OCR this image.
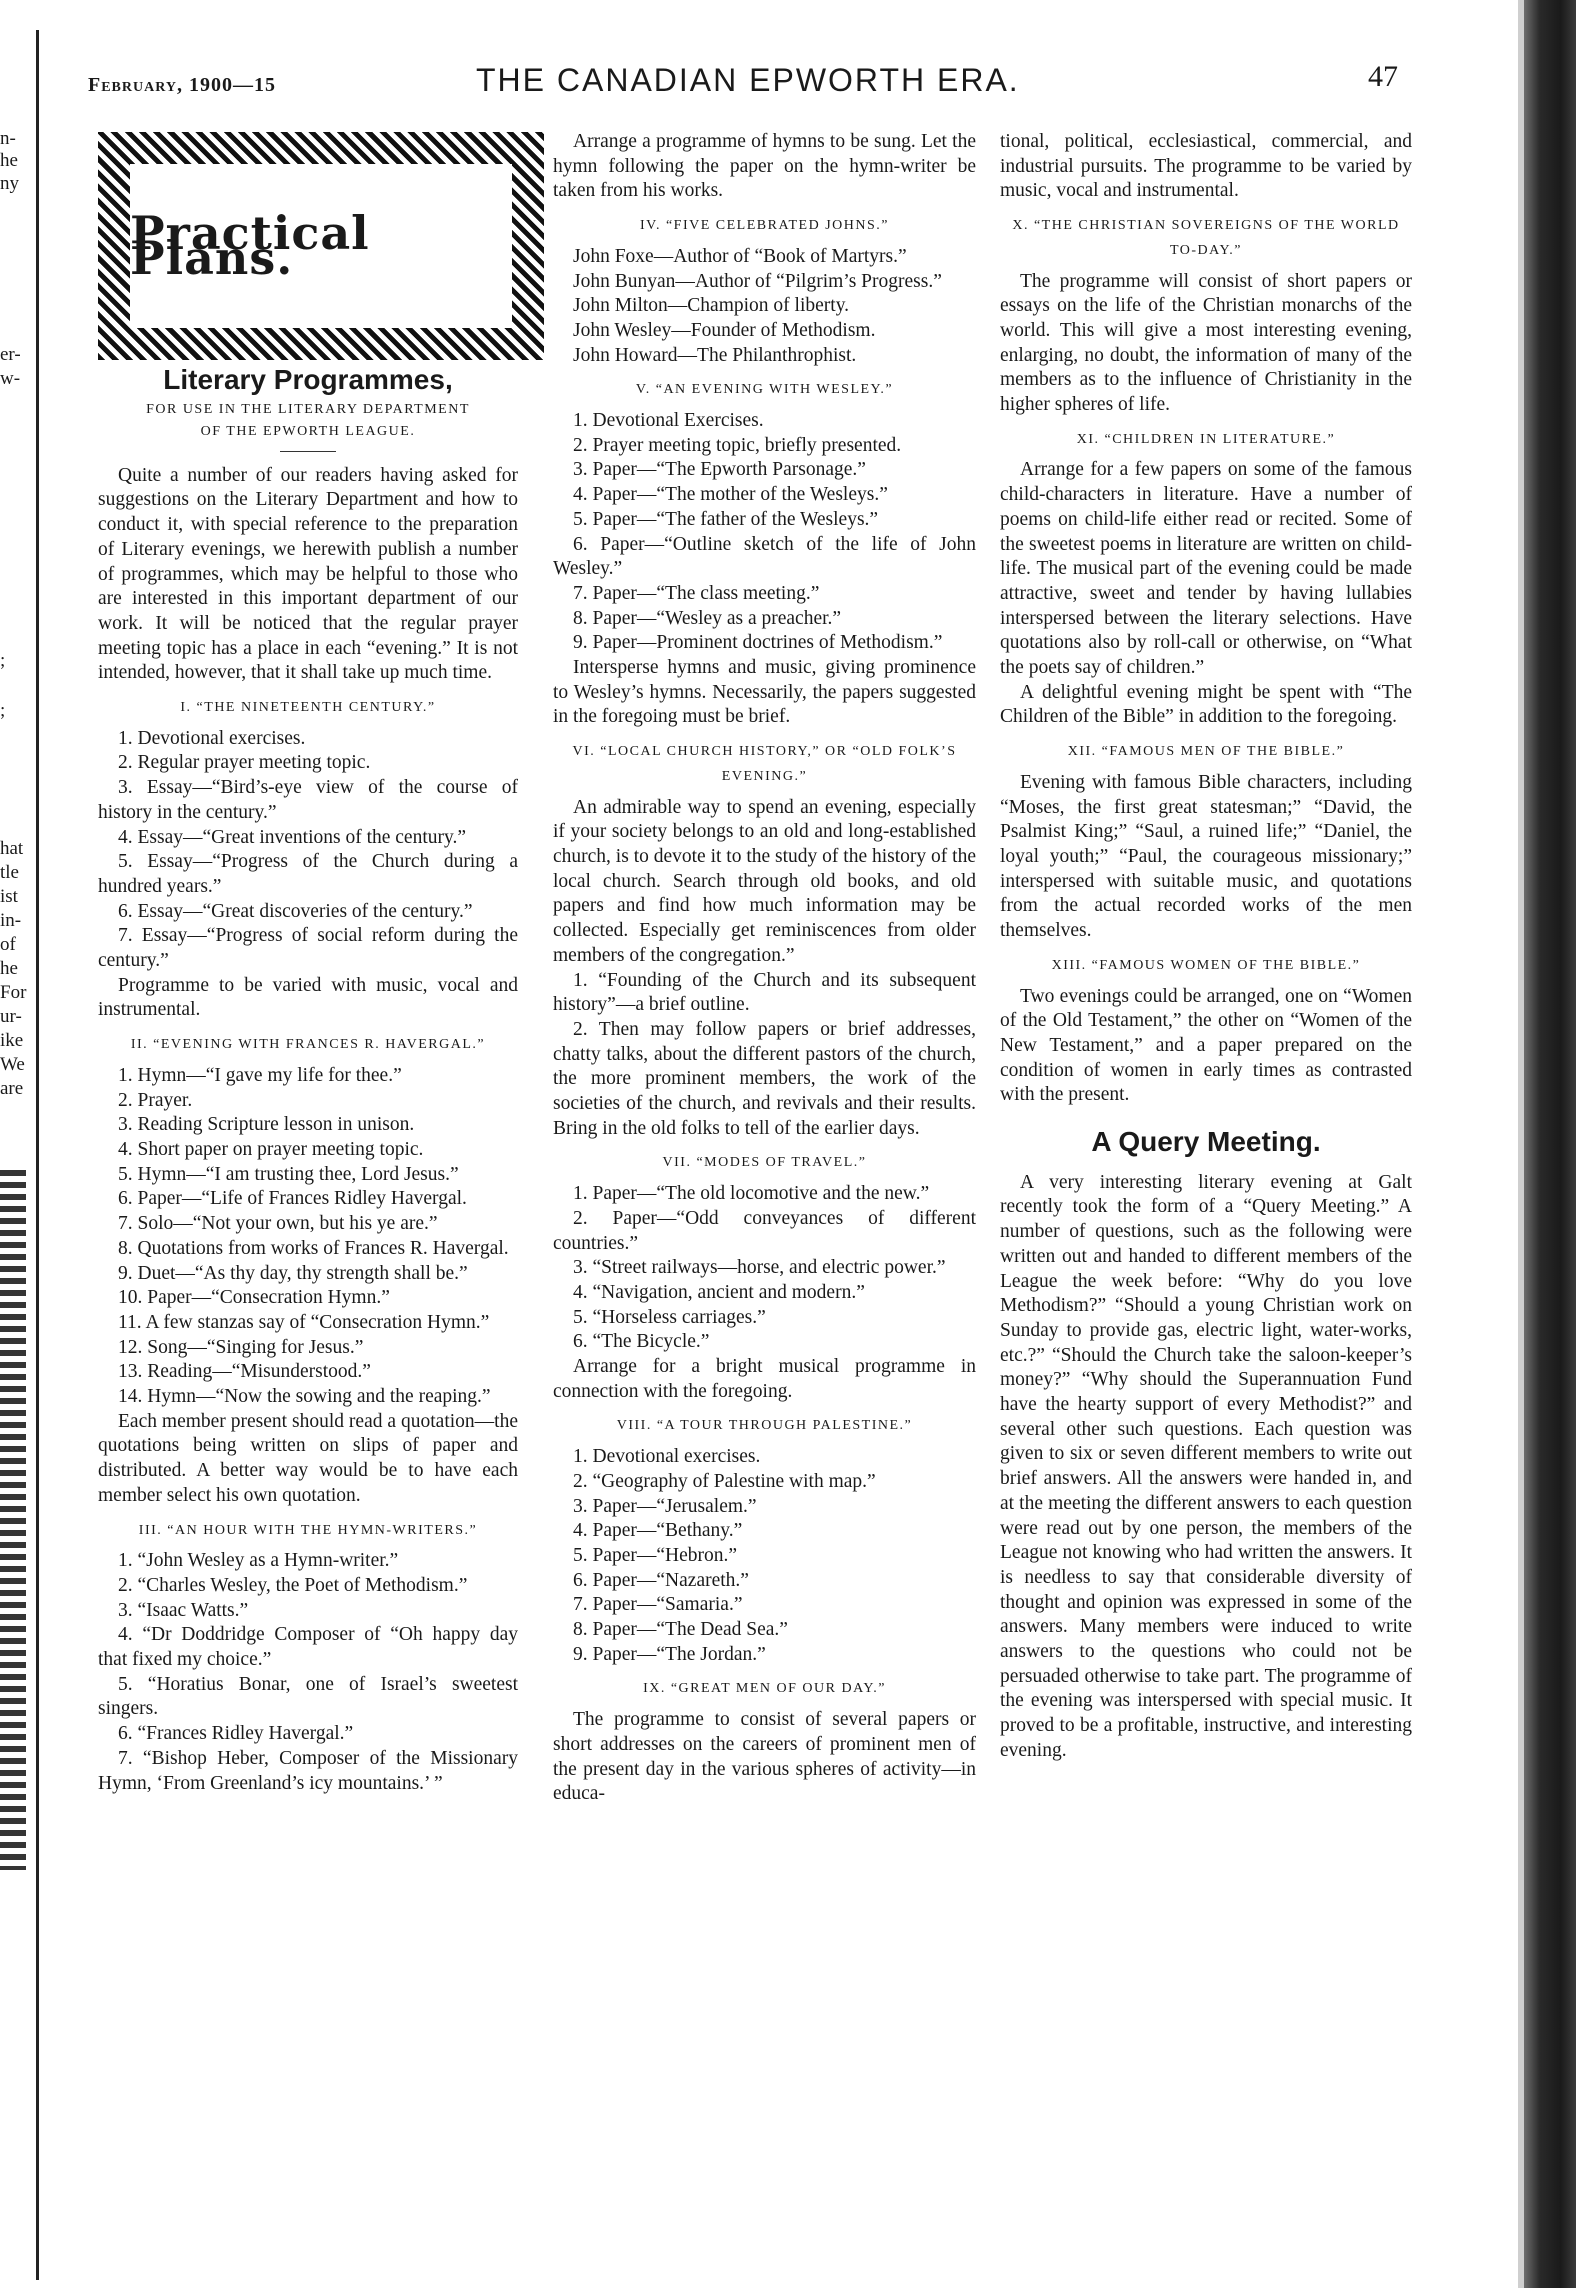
n-
he
ny
er-
w-
;
;
hat
tle
ist
in-
of
he
For
ur-
ike
We
are
February, 1900—15	THE CANADIAN EPWORTH ERA.	47
Practical Plans.
Literary Programmes,
FOR USE IN THE LITERARY DEPARTMENT
OF THE EPWORTH LEAGUE.

Quite a number of our readers having asked for suggestions on the Literary Department and how to conduct it, with special reference to the preparation of Literary evenings, we herewith publish a number of programmes, which may be helpful to those who are interested in this important department of our work. It will be noticed that the regular prayer meeting topic has a place in each “evening.” It is not intended, however, that it shall take up much time.

I. “THE NINETEENTH CENTURY.”

1. Devotional exercises.

2. Regular prayer meeting topic.

3. Essay—“Bird’s-eye view of the course of history in the century.”

4. Essay—“Great inventions of the century.”

5. Essay—“Progress of the Church during a hundred years.”

6. Essay—“Great discoveries of the century.”

7. Essay—“Progress of social reform during the century.”

Programme to be varied with music, vocal and instrumental.

II. “EVENING WITH FRANCES R. HAVERGAL.”

1. Hymn—“I gave my life for thee.”

2. Prayer.

3. Reading Scripture lesson in unison.

4. Short paper on prayer meeting topic.

5. Hymn—“I am trusting thee, Lord Jesus.”

6. Paper—“Life of Frances Ridley Havergal.

7. Solo—“Not your own, but his ye are.”

8. Quotations from works of Frances R. Havergal.

9. Duet—“As thy day, thy strength shall be.”

10. Paper—“Consecration Hymn.”

11. A few stanzas say of “Consecration Hymn.”

12. Song—“Singing for Jesus.”

13. Reading—“Misunderstood.”

14. Hymn—“Now the sowing and the reaping.”

Each member present should read a quotation—the quotations being written on slips of paper and distributed. A better way would be to have each member select his own quotation.

III. “AN HOUR WITH THE HYMN-WRITERS.”

1. “John Wesley as a Hymn-writer.”

2. “Charles Wesley, the Poet of Methodism.”

3. “Isaac Watts.”

4. “Dr Doddridge Composer of “Oh happy day that fixed my choice.”

5. “Horatius Bonar, one of Israel’s sweetest singers.

6. “Frances Ridley Havergal.”

7. “Bishop Heber, Composer of the Missionary Hymn, ‘From Greenland’s icy mountains.’ ”

Arrange a programme of hymns to be sung. Let the hymn following the paper on the hymn-writer be taken from his works.

IV. “FIVE CELEBRATED JOHNS.”

John Foxe—Author of “Book of Martyrs.”

John Bunyan—Author of “Pilgrim’s Progress.”

John Milton—Champion of liberty.

John Wesley—Founder of Methodism.

John Howard—The Philanthrophist.

V. “AN EVENING WITH WESLEY.”

1. Devotional Exercises.

2. Prayer meeting topic, briefly presented.

3. Paper—“The Epworth Parsonage.”

4. Paper—“The mother of the Wesleys.”

5. Paper—“The father of the Wesleys.”

6. Paper—“Outline sketch of the life of John Wesley.”

7. Paper—“The class meeting.”

8. Paper—“Wesley as a preacher.”

9. Paper—Prominent doctrines of Methodism.”

Intersperse hymns and music, giving prominence to Wesley’s hymns. Necessarily, the papers suggested in the foregoing must be brief.

VI. “LOCAL CHURCH HISTORY,” OR “OLD FOLK’S EVENING.”

An admirable way to spend an evening, especially if your society belongs to an old and long-established church, is to devote it to the study of the history of the local church. Search through old books, and old papers and find how much information may be collected. Especially get reminiscences from older members of the congregation.”

1. “Founding of the Church and its subsequent history”—a brief outline.

2. Then may follow papers or brief addresses, chatty talks, about the different pastors of the church, the more prominent members, the work of the societies of the church, and revivals and their results. Bring in the old folks to tell of the earlier days.

VII. “MODES OF TRAVEL.”

1. Paper—“The old locomotive and the new.”

2. Paper—“Odd conveyances of different countries.”

3. “Street railways—horse, and electric power.”

4. “Navigation, ancient and modern.”

5. “Horseless carriages.”

6. “The Bicycle.”

Arrange for a bright musical programme in connection with the foregoing.

VIII. “A TOUR THROUGH PALESTINE.”

1. Devotional exercises.

2. “Geography of Palestine with map.”

3. Paper—“Jerusalem.”

4. Paper—“Bethany.”

5. Paper—“Hebron.”

6. Paper—“Nazareth.”

7. Paper—“Samaria.”

8. Paper—“The Dead Sea.”

9. Paper—“The Jordan.”

IX. “GREAT MEN OF OUR DAY.”

The programme to consist of several papers or short addresses on the careers of prominent men of the present day in the various spheres of activity—in educa-

tional, political, ecclesiastical, commercial, and industrial pursuits. The programme to be varied by music, vocal and instrumental.

X. “THE CHRISTIAN SOVEREIGNS OF THE WORLD TO-DAY.”

The programme will consist of short papers or essays on the life of the Christian monarchs of the world. This will give a most interesting evening, enlarging, no doubt, the information of many of the members as to the influence of Christianity in the higher spheres of life.

XI. “CHILDREN IN LITERATURE.”

Arrange for a few papers on some of the famous child-characters in literature. Have a number of poems on child-life either read or recited. Some of the sweetest poems in literature are written on child-life. The musical part of the evening could be made attractive, sweet and tender by having lullabies interspersed between the literary selections. Have quotations also by roll-call or otherwise, on “What the poets say of children.”

A delightful evening might be spent with “The Children of the Bible” in addition to the foregoing.

XII. “FAMOUS MEN OF THE BIBLE.”

Evening with famous Bible characters, including “Moses, the first great statesman;” “David, the Psalmist King;” “Saul, a ruined life;” “Daniel, the loyal youth;” “Paul, the courageous missionary;” interspersed with suitable music, and quotations from the actual recorded works of the men themselves.

XIII. “FAMOUS WOMEN OF THE BIBLE.”

Two evenings could be arranged, one on “Women of the Old Testament,” the other on “Women of the New Testament,” and a paper prepared on the condition of women in early times as contrasted with the present.

A Query Meeting.

A very interesting literary evening at Galt recently took the form of a “Query Meeting.” A number of questions, such as the following were written out and handed to different members of the League the week before: “Why do you love Methodism?” “Should a young Christian work on Sunday to provide gas, electric light, water-works, etc.?” “Should the Church take the saloon-keeper’s money?” “Why should the Superannuation Fund have the hearty support of every Methodist?” and several other such questions. Each question was given to six or seven different members to write out brief answers. All the answers were handed in, and at the meeting the different answers to each question were read out by one person, the members of the League not knowing who had written the answers. It is needless to say that considerable diversity of thought and opinion was expressed in some of the answers. Many members were induced to write answers to the questions who could not be persuaded otherwise to take part. The programme of the evening was interspersed with special music. It proved to be a profitable, instructive, and interesting evening.
